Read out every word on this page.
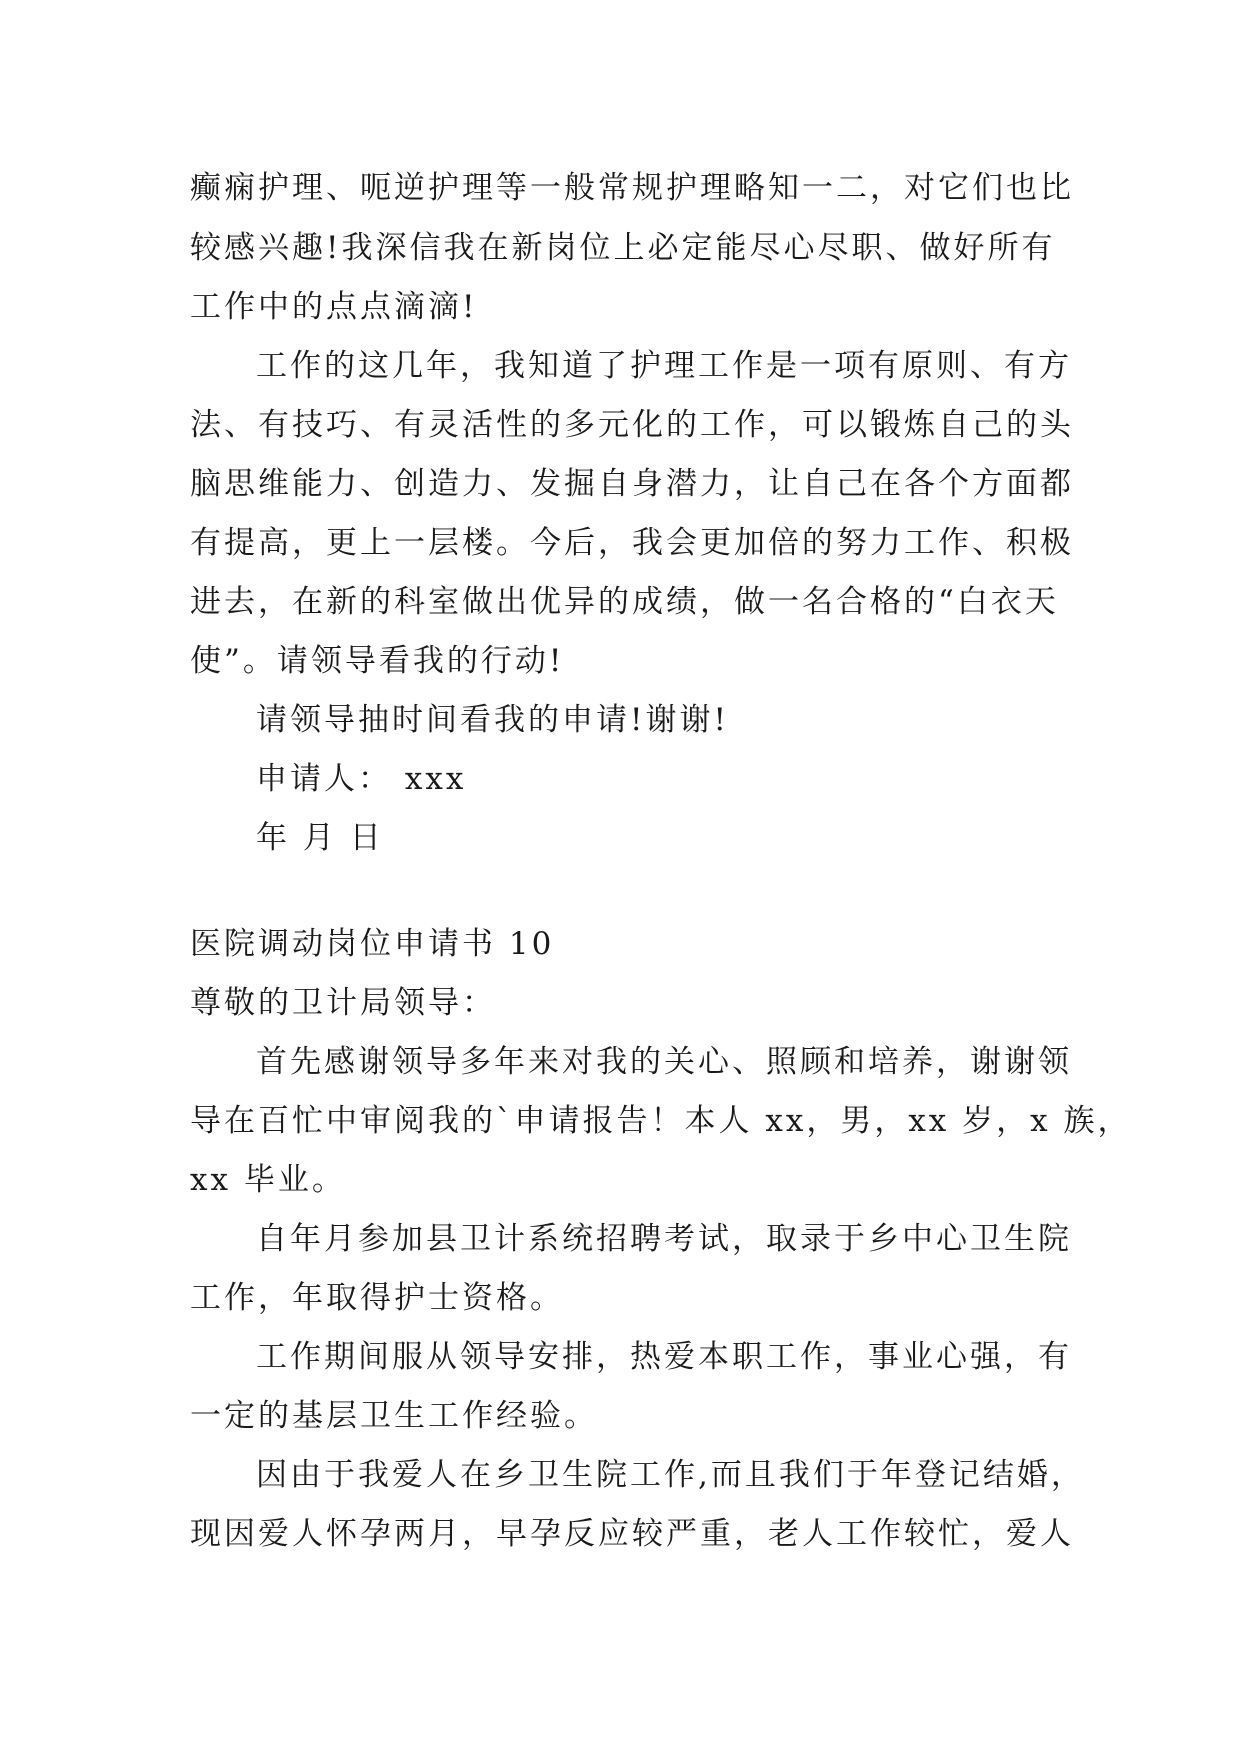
癫痫护理、呃逆护理等一般常规护理略知一二，对它们也比
较感兴趣!我深信我在新岗位上必定能尽心尽职、做好所有
工作中的点点滴滴!
工作的这几年，我知道了护理工作是一项有原则、有方
法、有技巧、有灵活性的多元化的工作，可以锻炼自己的头
脑思维能力、创造力、发掘自身潜力，让自己在各个方面都
有提高，更上一层楼。今后，我会更加倍的努力工作、积极
进去，在新的科室做出优异的成绩，做一名合格的“白衣天
使”。请领导看我的行动!
请领导抽时间看我的申请!谢谢!
申请人： xxx
年 月 日
医院调动岗位申请书 10
尊敬的卫计局领导：
首先感谢领导多年来对我的关心、照顾和培养，谢谢领
导在百忙中审阅我的`申请报告！本人 xx，男，xx 岁，x 族，
xx 毕业。
自年月参加县卫计系统招聘考试，取录于乡中心卫生院
工作，年取得护士资格。
工作期间服从领导安排，热爱本职工作，事业心强，有
一定的基层卫生工作经验。
因由于我爱人在乡卫生院工作,而且我们于年登记结婚，
现因爱人怀孕两月，早孕反应较严重，老人工作较忙，爱人
